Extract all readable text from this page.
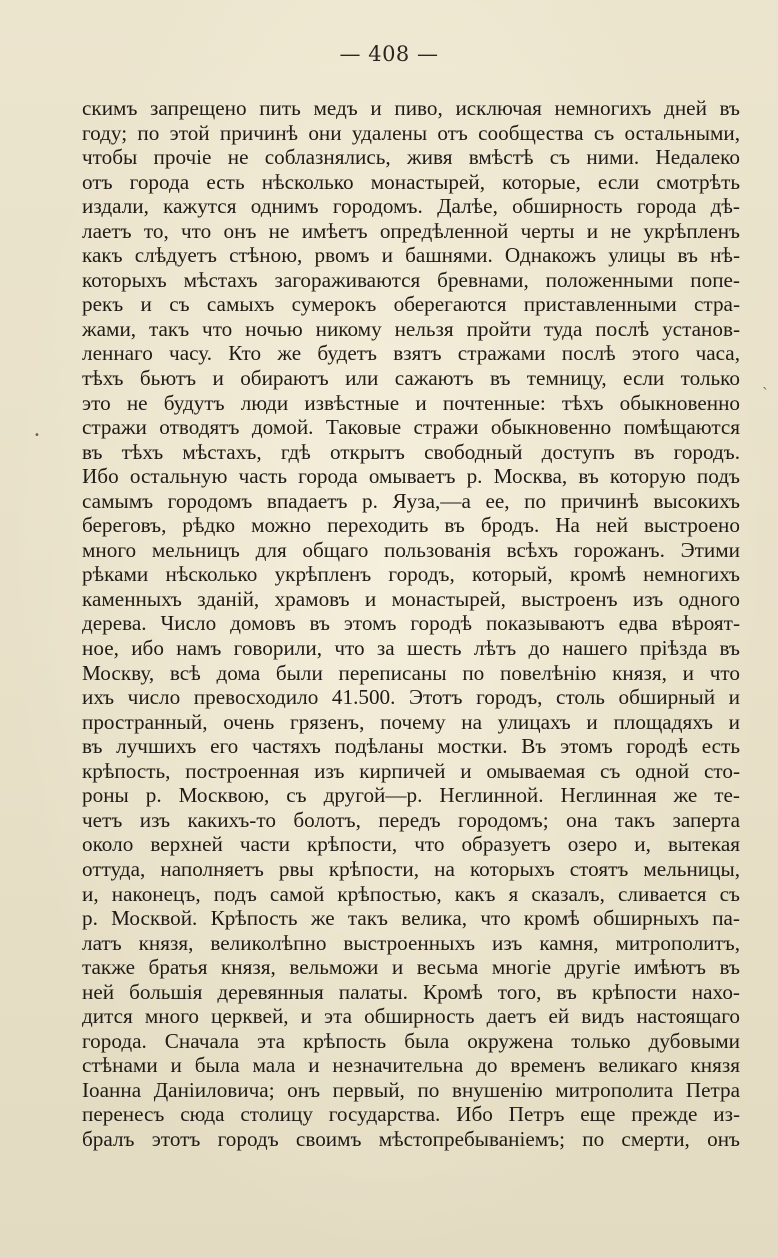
— 408 —
скимъ запрещено пить медъ и пиво, исключая немногихъ дней въ
году; по этой причинѣ они удалены отъ сообщества съ остальными,
чтобы прочіе не соблазнялись, живя вмѣстѣ съ ними. Недалеко
отъ города есть нѣсколько монастырей, которые, если смотрѣть
издали, кажутся однимъ городомъ. Далѣе, обширность города дѣ-
лаетъ то, что онъ не имѣетъ опредѣленной черты и не укрѣпленъ
какъ слѣдуетъ стѣною, рвомъ и башнями. Однакожъ улицы въ нѣ-
которыхъ мѣстахъ загораживаются бревнами, положенными попе-
рекъ и съ самыхъ сумерокъ оберегаются приставленными стра-
жами, такъ что ночью никому нельзя пройти туда послѣ установ-
леннаго часу. Кто же будетъ взятъ стражами послѣ этого часа,
тѣхъ бьютъ и обираютъ или сажаютъ въ темницу, если только
это не будутъ люди извѣстные и почтенные: тѣхъ обыкновенно
стражи отводятъ домой. Таковые стражи обыкновенно помѣщаются
въ тѣхъ мѣстахъ, гдѣ открытъ свободный доступъ въ городъ.
Ибо остальную часть города омываетъ р. Москва, въ которую подъ
самымъ городомъ впадаетъ р. Яуза,—а ее, по причинѣ высокихъ
береговъ, рѣдко можно переходить въ бродъ. На ней выстроено
много мельницъ для общаго пользованія всѣхъ горожанъ. Этими
рѣками нѣсколько укрѣпленъ городъ, который, кромѣ немногихъ
каменныхъ зданій, храмовъ и монастырей, выстроенъ изъ одного
дерева. Число домовъ въ этомъ городѣ показываютъ едва вѣроят-
ное, ибо намъ говорили, что за шесть лѣтъ до нашего пріѣзда въ
Москву, всѣ дома были переписаны по повелѣнію князя, и что
ихъ число превосходило 41.500. Этотъ городъ, столь обширный и
пространный, очень грязенъ, почему на улицахъ и площадяхъ и
въ лучшихъ его частяхъ подѣланы мостки. Въ этомъ городѣ есть
крѣпость, построенная изъ кирпичей и омываемая съ одной сто-
роны р. Москвою, съ другой—р. Неглинной. Неглинная же те-
четъ изъ какихъ-то болотъ, передъ городомъ; она такъ заперта
около верхней части крѣпости, что образуетъ озеро и, вытекая
оттуда, наполняетъ рвы крѣпости, на которыхъ стоятъ мельницы,
и, наконецъ, подъ самой крѣпостью, какъ я сказалъ, сливается съ
р. Москвой. Крѣпость же такъ велика, что кромѣ обширныхъ па-
латъ князя, великолѣпно выстроенныхъ изъ камня, митрополитъ,
также братья князя, вельможи и весьма многіе другіе имѣютъ въ
ней большія деревянныя палаты. Кромѣ того, въ крѣпости нахо-
дится много церквей, и эта обширность даетъ ей видъ настоящаго
города. Сначала эта крѣпость была окружена только дубовыми
стѣнами и была мала и незначительна до временъ великаго князя
Іоанна Даніиловича; онъ первый, по внушенію митрополита Петра
перенесъ сюда столицу государства. Ибо Петръ еще прежде из-
бралъ этотъ городъ своимъ мѣстопребываніемъ; по смерти, онъ
•
ˎ
